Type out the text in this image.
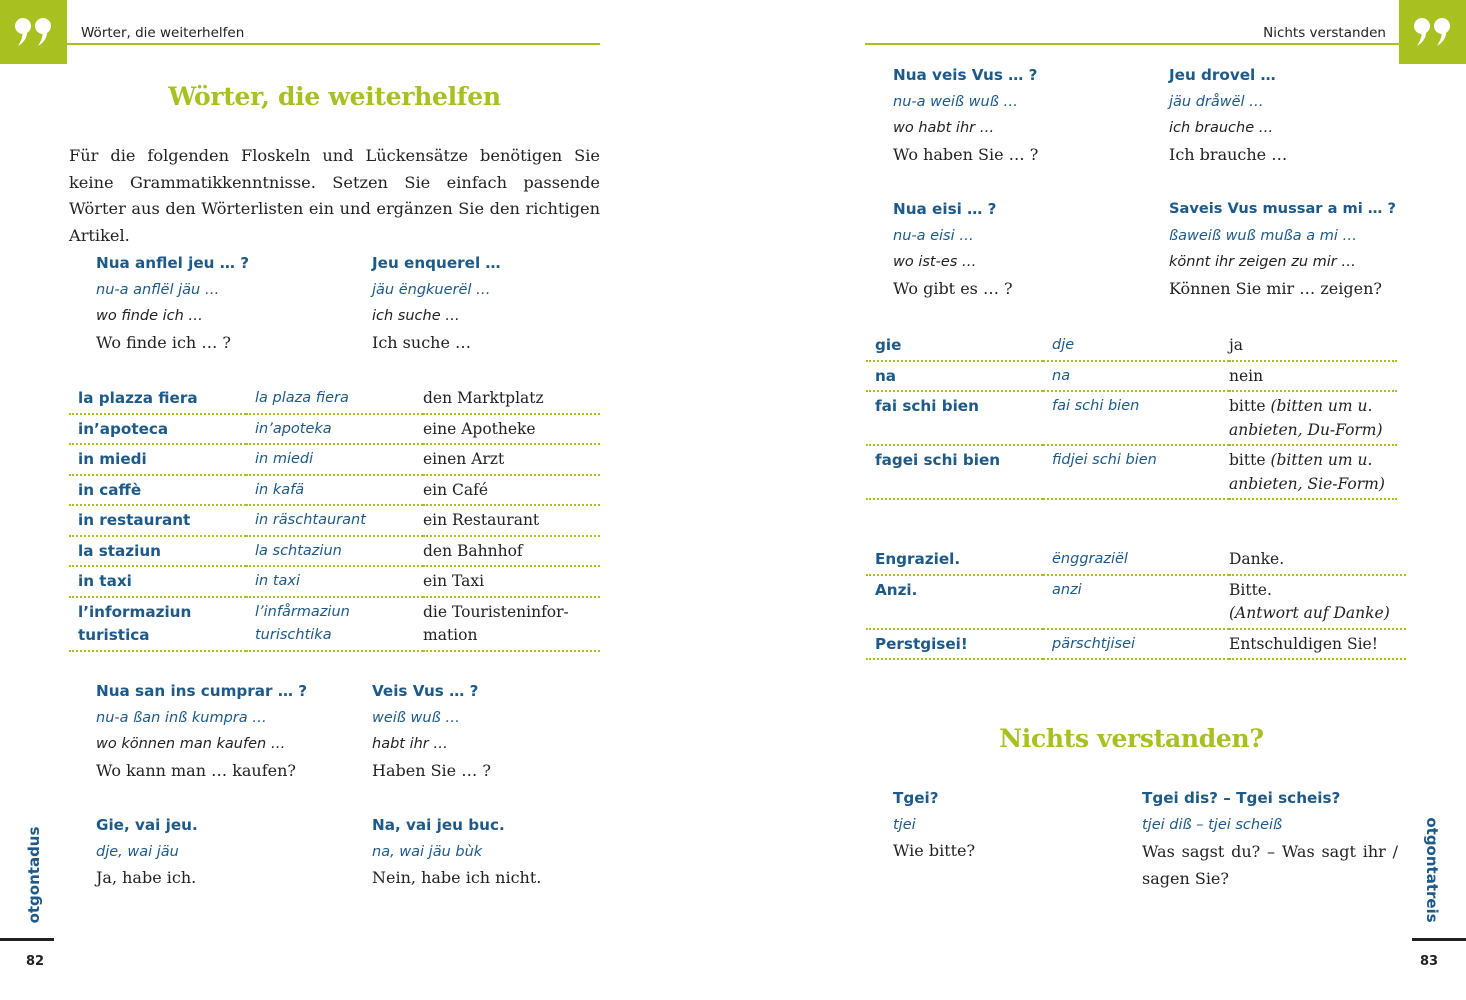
Wörter, die weiterhelfen
Wörter, die weiterhelfen
Für die folgenden Floskeln und Lückensätze benötigen Sie keine Grammatikkenntnisse. Setzen Sie einfach passende Wörter aus den Wörterlisten ein und ergänzen Sie den richtigen Artikel.
Nua anflel jeu … ?
nu-a anflël jäu …
wo finde ich …
Wo finde ich … ?
Jeu enquerel …
jäu ëngkuerël …
ich suche …
Ich suche …
la plazza fiera	la plaza fiera	den Marktplatz
in’apoteca	in’apoteka	eine Apotheke
in miedi	in miedi	einen Arzt
in caffè	in kafä	ein Café
in restaurant	in räschtaurant	ein Restaurant
la staziun	la schtaziun	den Bahnhof
in taxi	in taxi	ein Taxi
l’informaziun turistica	l’infårmaziun turischtika	die Touristeninfor-mation
Nua san ins cumprar … ?
nu-a ßan inß kumpra …
wo können man kaufen …
Wo kann man … kaufen?
Veis Vus … ?
weiß wuß …
habt ihr …
Haben Sie … ?
Gie, vai jeu.
dje, wai jäu
Ja, habe ich.
Na, vai jeu buc.
na, wai jäu bùk
Nein, habe ich nicht.
otgontadus
82
Nichts verstanden
Nua veis Vus … ?
nu-a weiß wuß …
wo habt ihr …
Wo haben Sie … ?
Jeu drovel …
jäu dråwël …
ich brauche …
Ich brauche …
Nua eisi … ?
nu-a eisi …
wo ist-es …
Wo gibt es … ?
Saveis Vus mussar a mi … ?
ßaweiß wuß mußa a mi …
könnt ihr zeigen zu mir …
Können Sie mir … zeigen?
gie	dje	ja
na	na	nein
fai schi bien	fai schi bien	bitte (bitten um u. anbieten, Du-Form)
fagei schi bien	fidjei schi bien	bitte (bitten um u. anbieten, Sie-Form)
Engraziel.	ënggraziël	Danke.
Anzi.	anzi	Bitte.
(Antwort auf Danke)
Perstgisei!	pärschtjisei	Entschuldigen Sie!
Nichts verstanden?
Tgei?
tjei
Wie bitte?
Tgei dis? – Tgei scheis?
tjei diß – tjei scheiß
Was sagst du? – Was sagt ihr / sagen Sie?	otgontatreis
83
